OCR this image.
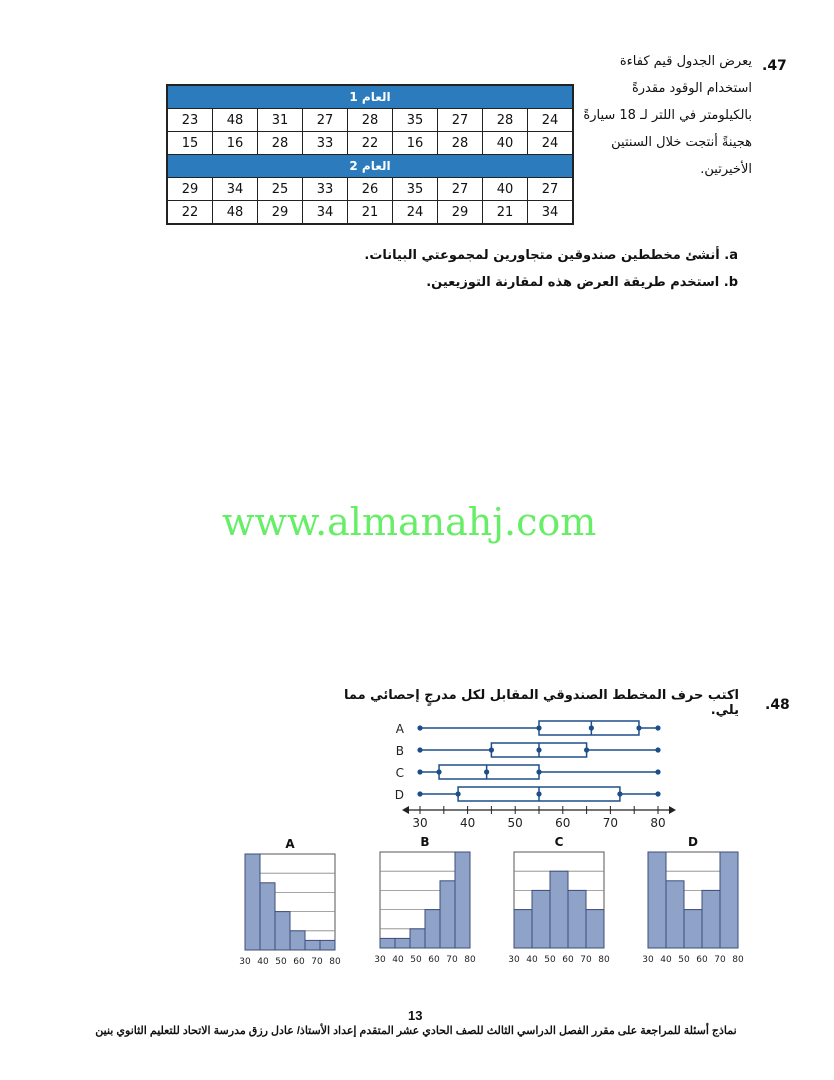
.47
يعرض الجدول قيم كفاءة استخدام الوقود مقدرةً بالكيلومتر في اللتر لـ 18 سيارةً هجينةً أنتجت خلال السنتين الأخيرتين.
العام 1								
23	48	31	27	28	35	27	28	24
15	16	28	33	22	16	28	40	24
العام 2								
29	34	25	33	26	35	27	40	27
22	48	29	34	21	24	29	21	34
a. أنشئ مخططين صندوقين متجاورين لمجموعتي البيانات.
b. استخدم طريقة العرض هذه لمقارنة التوزيعين.
www.almanahj.com
.48
اكتب حرف المخطط الصندوقي المقابل لكل مدرجٍ إحصائي مما يلي.
A
B
C
D
30	40	50	60	70	80
A
30 40 50 60 70 80
B
30 40 50 60 70 80
C
30 40 50 60 70 80
D
30 40 50 60 70 80
13
نماذج أسئلة للمراجعة على مقرر الفصل الدراسي الثالث للصف الحادي عشر المتقدم إعداد الأستاذ/ عادل رزق مدرسة الاتحاد للتعليم الثانوي بنين
